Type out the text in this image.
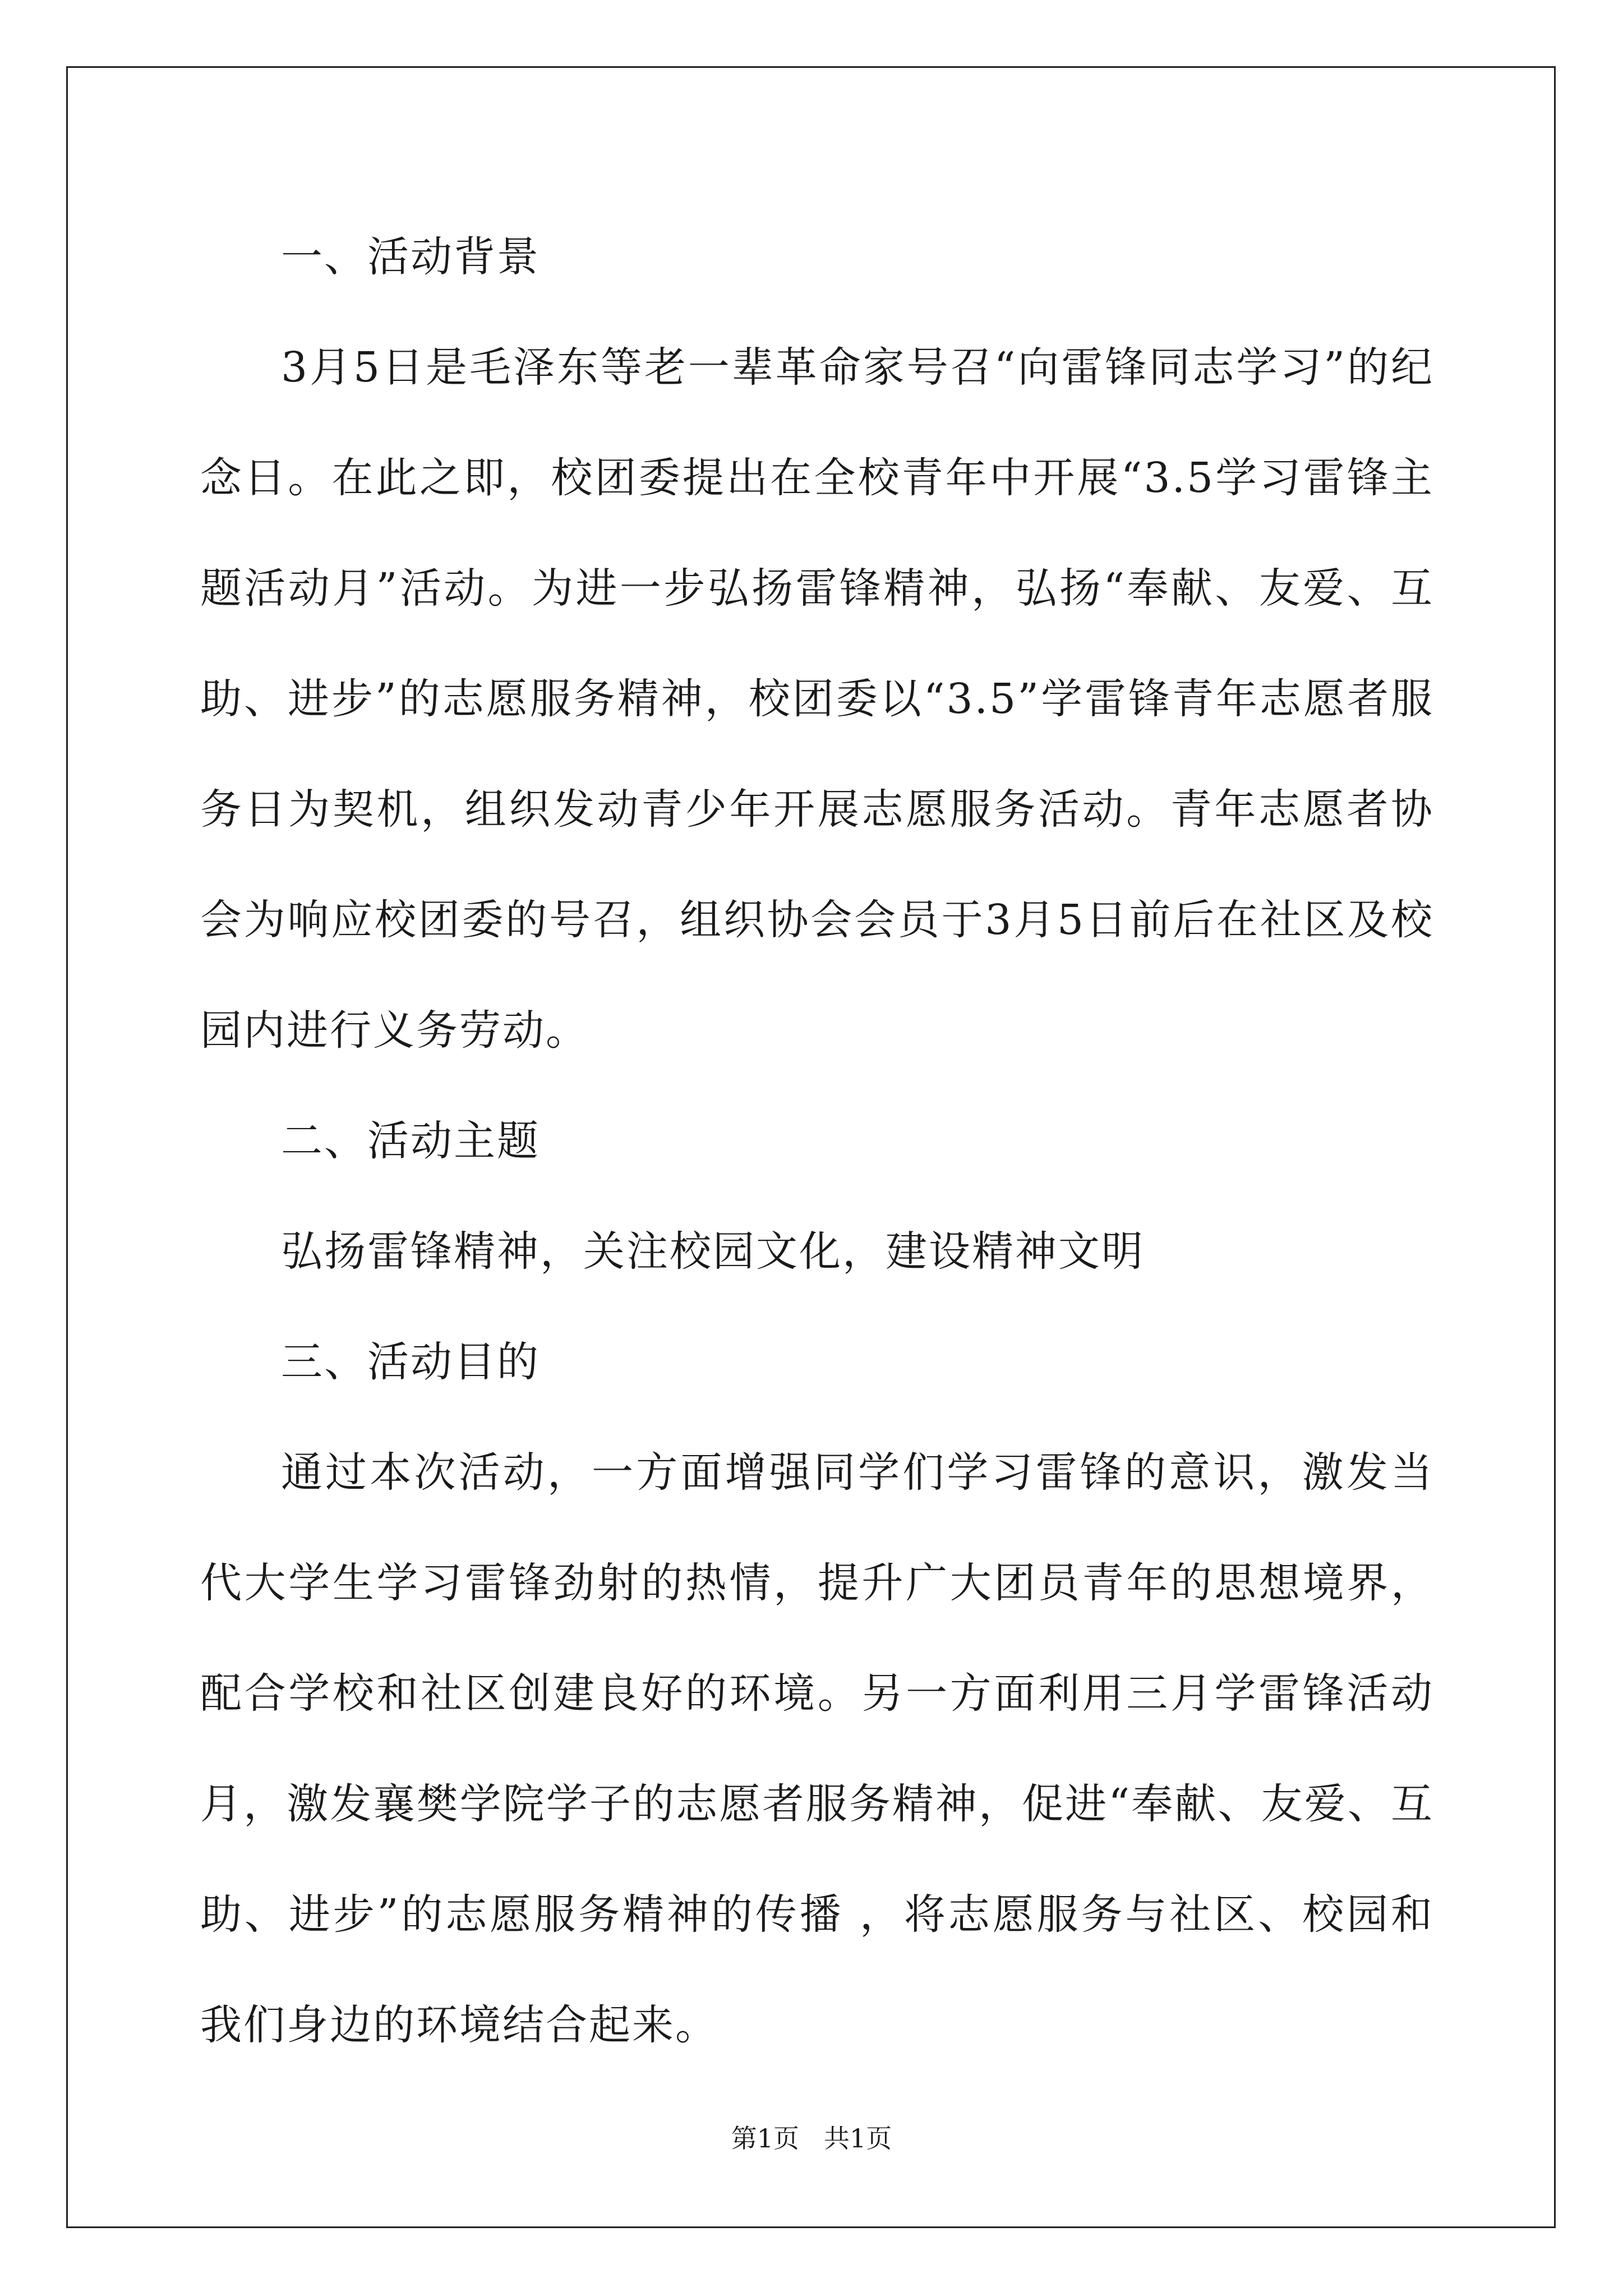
一、活动背景

3月5日是毛泽东等老一辈革命家号召“向雷锋同志学习”的纪念日。在此之即，校团委提出在全校青年中开展“3.5学习雷锋主题活动月”活动。为进一步弘扬雷锋精神，弘扬“奉献、友爱、互助、进步”的志愿服务精神，校团委以“3.5”学雷锋青年志愿者服务日为契机，组织发动青少年开展志愿服务活动。青年志愿者协会为响应校团委的号召，组织协会会员于3月5日前后在社区及校园内进行义务劳动。

二、活动主题

弘扬雷锋精神，关注校园文化，建设精神文明

三、活动目的

通过本次活动，一方面增强同学们学习雷锋的意识，激发当代大学生学习雷锋劲射的热情，提升广大团员青年的思想境界，配合学校和社区创建良好的环境。另一方面利用三月学雷锋活动月，激发襄樊学院学子的志愿者服务精神，促进“奉献、友爱、互助、进步”的志愿服务精神的传播 ，将志愿服务与社区、校园和我们身边的环境结合起来。

第1页 共1页
